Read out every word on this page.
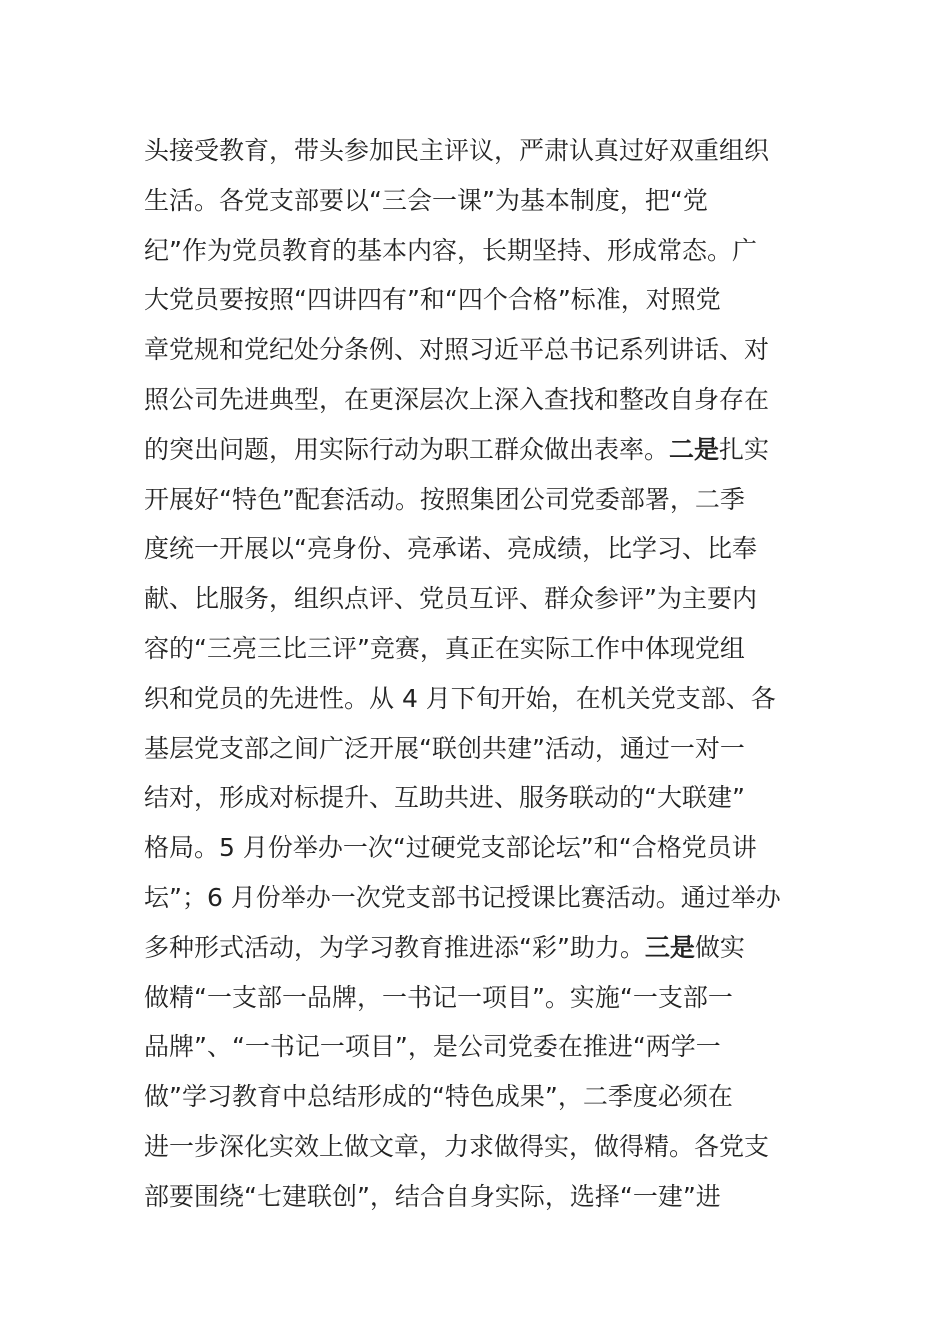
头接受教育，带头参加民主评议，严肃认真过好双重组织
生活。各党支部要以“三会一课”为基本制度，把“党
纪”作为党员教育的基本内容，长期坚持、形成常态。广
大党员要按照“四讲四有”和“四个合格”标准，对照党
章党规和党纪处分条例、对照习近平总书记系列讲话、对
照公司先进典型，在更深层次上深入查找和整改自身存在
的突出问题，用实际行动为职工群众做出表率。二是扎实
开展好“特色”配套活动。按照集团公司党委部署，二季
度统一开展以“亮身份、亮承诺、亮成绩，比学习、比奉
献、比服务，组织点评、党员互评、群众参评”为主要内
容的“三亮三比三评”竞赛，真正在实际工作中体现党组
织和党员的先进性。从 4 月下旬开始，在机关党支部、各
基层党支部之间广泛开展“联创共建”活动，通过一对一
结对，形成对标提升、互助共进、服务联动的“大联建”
格局。5 月份举办一次“过硬党支部论坛”和“合格党员讲
坛”；6 月份举办一次党支部书记授课比赛活动。通过举办
多种形式活动，为学习教育推进添“彩”助力。三是做实
做精“一支部一品牌，一书记一项目”。实施“一支部一
品牌”、“一书记一项目”，是公司党委在推进“两学一
做”学习教育中总结形成的“特色成果”，二季度必须在
进一步深化实效上做文章，力求做得实，做得精。各党支
部要围绕“七建联创”，结合自身实际，选择“一建”进
